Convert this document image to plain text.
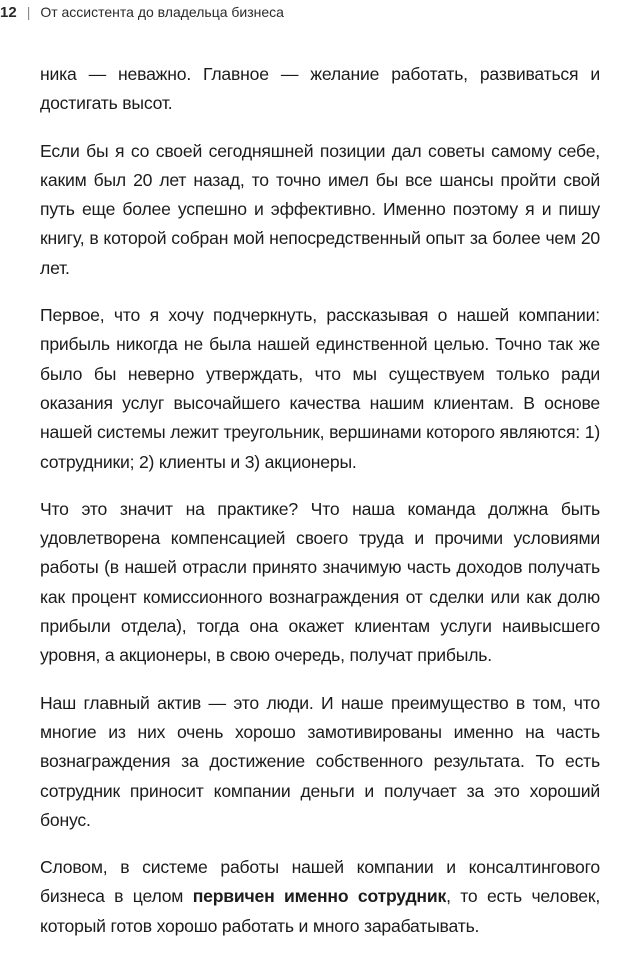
12 | От ассистента до владельца бизнеса

ника — неважно. Главное — желание работать, развиваться и достигать высот.

Если бы я со своей сегодняшней позиции дал советы самому себе, каким был 20 лет назад, то точно имел бы все шансы пройти свой путь еще более успешно и эффективно. Именно поэтому я и пишу книгу, в которой собран мой непосредственный опыт за более чем 20 лет.

Первое, что я хочу подчеркнуть, рассказывая о нашей компании: прибыль никогда не была нашей единственной целью. Точно так же было бы неверно утверждать, что мы существуем только ради оказания услуг высочайшего качества нашим клиентам. В основе нашей системы лежит треугольник, вершинами которого являются: 1) сотрудники; 2) клиенты и 3) акционеры.

Что это значит на практике? Что наша команда должна быть удовлетворена компенсацией своего труда и прочими условиями работы (в нашей отрасли принято значимую часть доходов получать как процент комиссионного вознаграждения от сделки или как долю прибыли отдела), тогда она окажет клиентам услуги наивысшего уровня, а акционеры, в свою очередь, получат прибыль.

Наш главный актив — это люди. И наше преимущество в том, что многие из них очень хорошо замотивированы именно на часть вознаграждения за достижение собственного результата. То есть сотрудник приносит компании деньги и получает за это хороший бонус.

Словом, в системе работы нашей компании и консалтингового бизнеса в целом первичен именно сотрудник, то есть человек, который готов хорошо работать и много зарабатывать.
